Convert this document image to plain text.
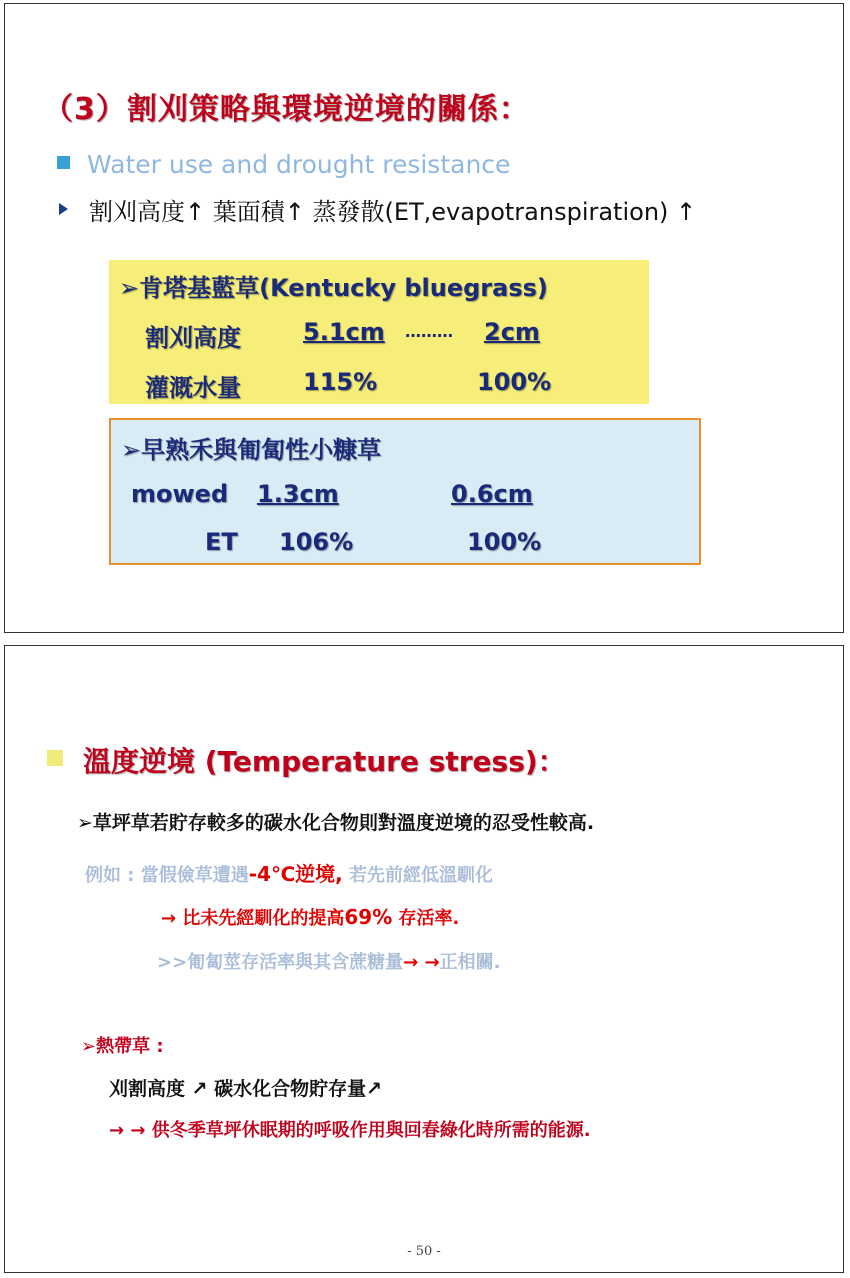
（3）割刈策略與環境逆境的關係：
Water use and drought resistance
割刈高度↑ 葉面積↑ 蒸發散(ET,evapotranspiration) ↑
➢肯塔基藍草(Kentucky bluegrass)
割刈高度	5.1cm ……… 2cm
灌溉水量	115%	100%
➢早熟禾與匍匐性小糠草
mowed 1.3cm	0.6cm
ET 106%	100%
溫度逆境 (Temperature stress)：
➢草坪草若貯存較多的碳水化合物則對溫度逆境的忍受性較高.
例如 : 當假儉草遭遇-4℃逆境, 若先前經低溫馴化
→ 比未先經馴化的提高69% 存活率.
>>匍匐莖存活率與其含蔗糖量→ →正相關.
➢熱帶草 :
刈割高度 ↗ 碳水化合物貯存量↗
→ → 供冬季草坪休眠期的呼吸作用與回春綠化時所需的能源.
- 50 -
